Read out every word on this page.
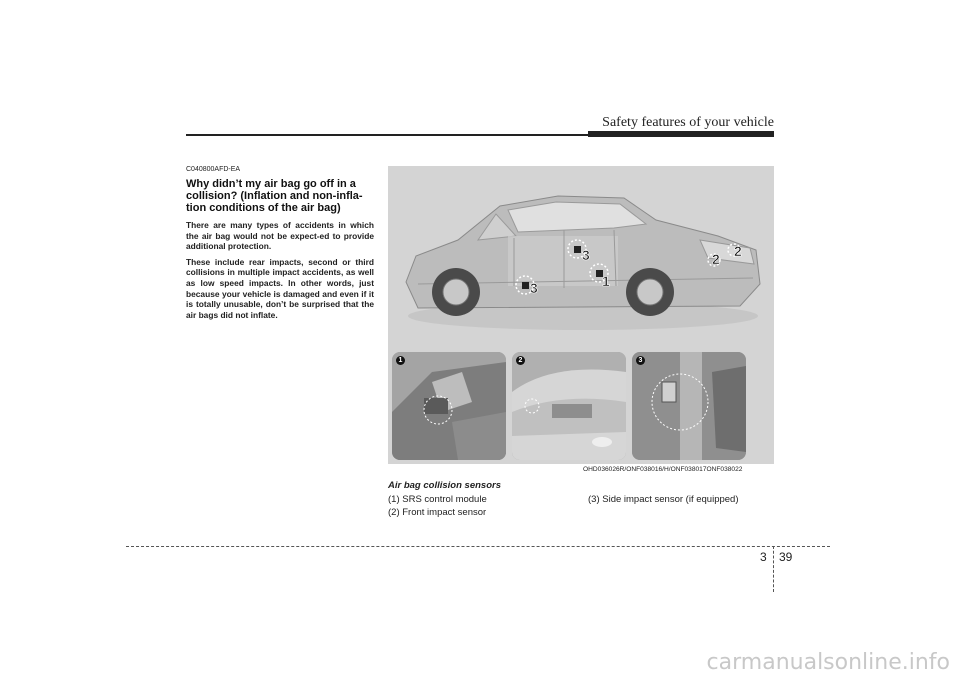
Safety features of your vehicle
C040800AFD-EA
Why didn’t my air bag go off in a collision? (Inflation and non-infla-tion conditions of the air bag)

There are many types of accidents in which the air bag would not be expect-ed to provide additional protection.

These include rear impacts, second or third collisions in multiple impact accidents, as well as low speed impacts. In other words, just because your vehicle is damaged and even if it is totally unusable, don’t be surprised that the air bags did not inflate.

1
2 2
3
3
1	2	3
OHD036026R/ONF038016/H/ONF038017ONF038022
Air bag collision sensors
(1) SRS control module
(2) Front impact sensor
(3) Side impact sensor (if equipped)
3 39
carmanualsonline.info
